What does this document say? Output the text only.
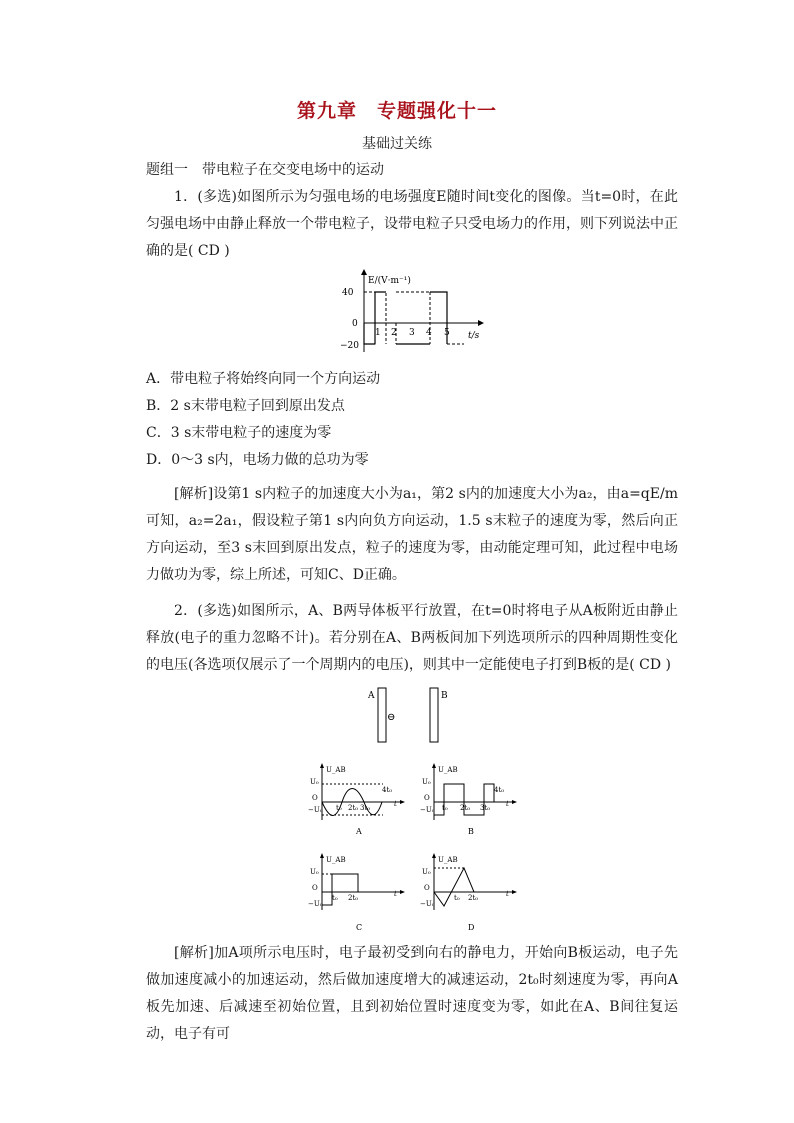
第九章　专题强化十一
基础过关练
题组一　带电粒子在交变电场中的运动
1．(多选)如图所示为匀强电场的电场强度E随时间t变化的图像。当t=0时，在此匀强电场中由静止释放一个带电粒子，设带电粒子只受电场力的作用，则下列说法中正确的是( CD )
E/(V·m⁻¹)
t/s
40
0
−20
1 2 3 4 5
A．带电粒子将始终向同一个方向运动
B．2 s末带电粒子回到原出发点
C．3 s末带电粒子的速度为零
D．0～3 s内，电场力做的总功为零
[解析]设第1 s内粒子的加速度大小为a₁，第2 s内的加速度大小为a₂，由a=qE/m可知，a₂=2a₁，假设粒子第1 s内向负方向运动，1.5 s末粒子的速度为零，然后向正方向运动，至3 s末回到原出发点，粒子的速度为零，由动能定理可知，此过程中电场力做功为零，综上所述，可知C、D正确。
2．(多选)如图所示，A、B两导体板平行放置，在t=0时将电子从A板附近由静止释放(电子的重力忽略不计)。若分别在A、B两板间加下列选项所示的四种周期性变化的电压(各选项仅展示了一个周期内的电压)，则其中一定能使电子打到B板的是( CD )
A	B
⊖
U_AB
U₀
O
−U₀ t₀ 2t₀ 3t₀
4t₀
t
A
U_AB
U₀
O
−U₀ t₀ 2t₀ 3t₀
4t₀
t
B
U_AB
U₀
O
−U₀
t₀ 2t₀	t
C
U_AB
U₀
O
−U₀
t₀ 2t₀	t
D
[解析]加A项所示电压时，电子最初受到向右的静电力，开始向B板运动，电子先做加速度减小的加速运动，然后做加速度增大的减速运动，2t₀时刻速度为零，再向A板先加速、后减速至初始位置，且到初始位置时速度变为零，如此在A、B间往复运动，电子有可
